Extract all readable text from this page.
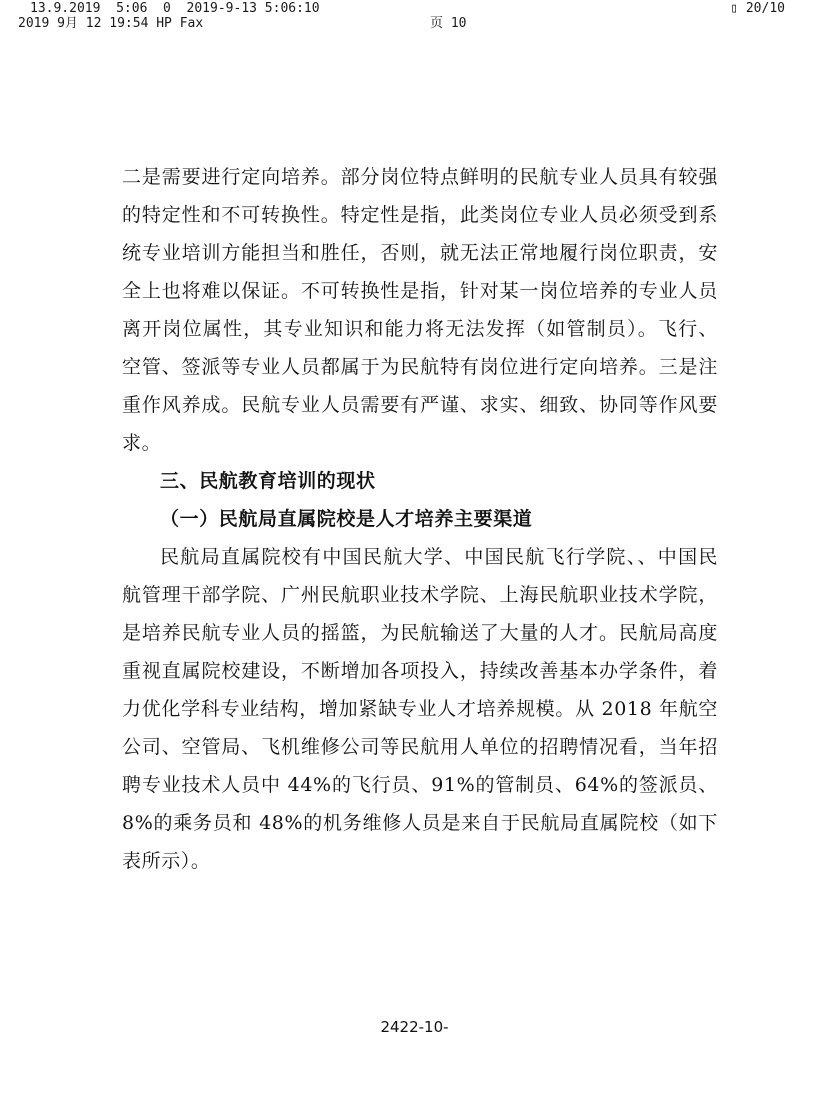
13.9.2019  5:06  0  2019-9-13 5:06:10	▯ 20/10
2019 9月 12 19:54 HP Fax	页 10

二是需要进行定向培养。部分岗位特点鲜明的民航专业人员具有较强的特定性和不可转换性。特定性是指，此类岗位专业人员必须受到系统专业培训方能担当和胜任，否则，就无法正常地履行岗位职责，安全上也将难以保证。不可转换性是指，针对某一岗位培养的专业人员离开岗位属性，其专业知识和能力将无法发挥（如管制员）。飞行、空管、签派等专业人员都属于为民航特有岗位进行定向培养。三是注重作风养成。民航专业人员需要有严谨、求实、细致、协同等作风要求。

三、民航教育培训的现状
（一）民航局直属院校是人才培养主要渠道

民航局直属院校有中国民航大学、中国民航飞行学院、、中国民航管理干部学院、广州民航职业技术学院、上海民航职业技术学院，是培养民航专业人员的摇篮，为民航输送了大量的人才。民航局高度重视直属院校建设，不断增加各项投入，持续改善基本办学条件，着力优化学科专业结构，增加紧缺专业人才培养规模。从 2018 年航空公司、空管局、飞机维修公司等民航用人单位的招聘情况看，当年招聘专业技术人员中 44%的飞行员、91%的管制员、64%的签派员、8%的乘务员和 48%的机务维修人员是来自于民航局直属院校（如下表所示）。

2422-10-
